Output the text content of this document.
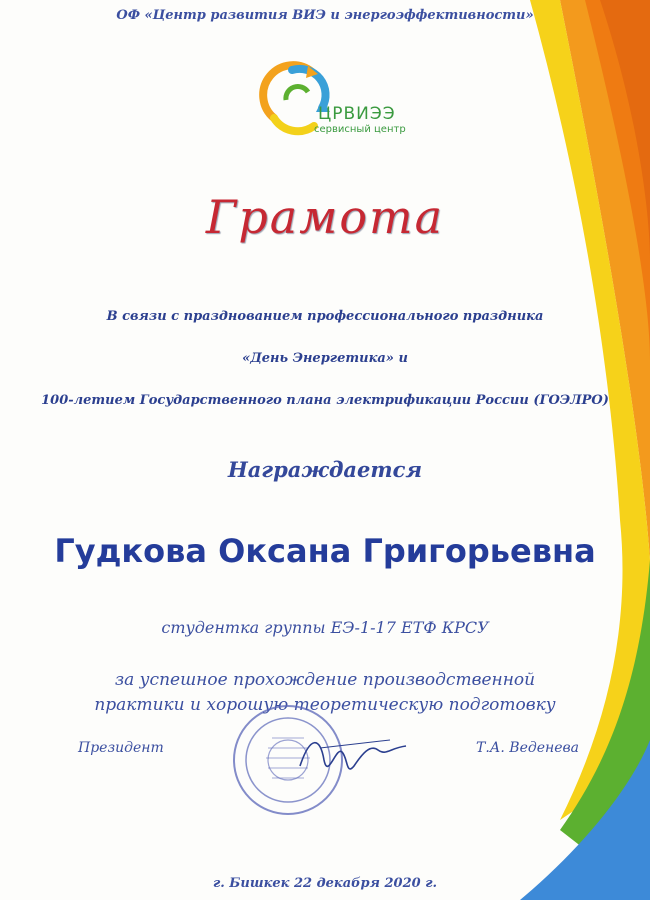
ОФ «Центр развития ВИЭ и энергоэффективности»
ЦРВИЭЭ
сервисный центр
Грамота
В связи с празднованием профессионального праздника
«День Энергетика» и
100-летием Государственного плана электрификации России (ГОЭЛРО)
Награждается
Гудкова Оксана Григорьевна
студентка группы ЕЭ-1-17 ЕТФ КРСУ
за успешное прохождение производственной
практики и хорошую теоретическую подготовку
Президент	Т.А. Веденева
г. Бишкек 22 декабря 2020 г.
